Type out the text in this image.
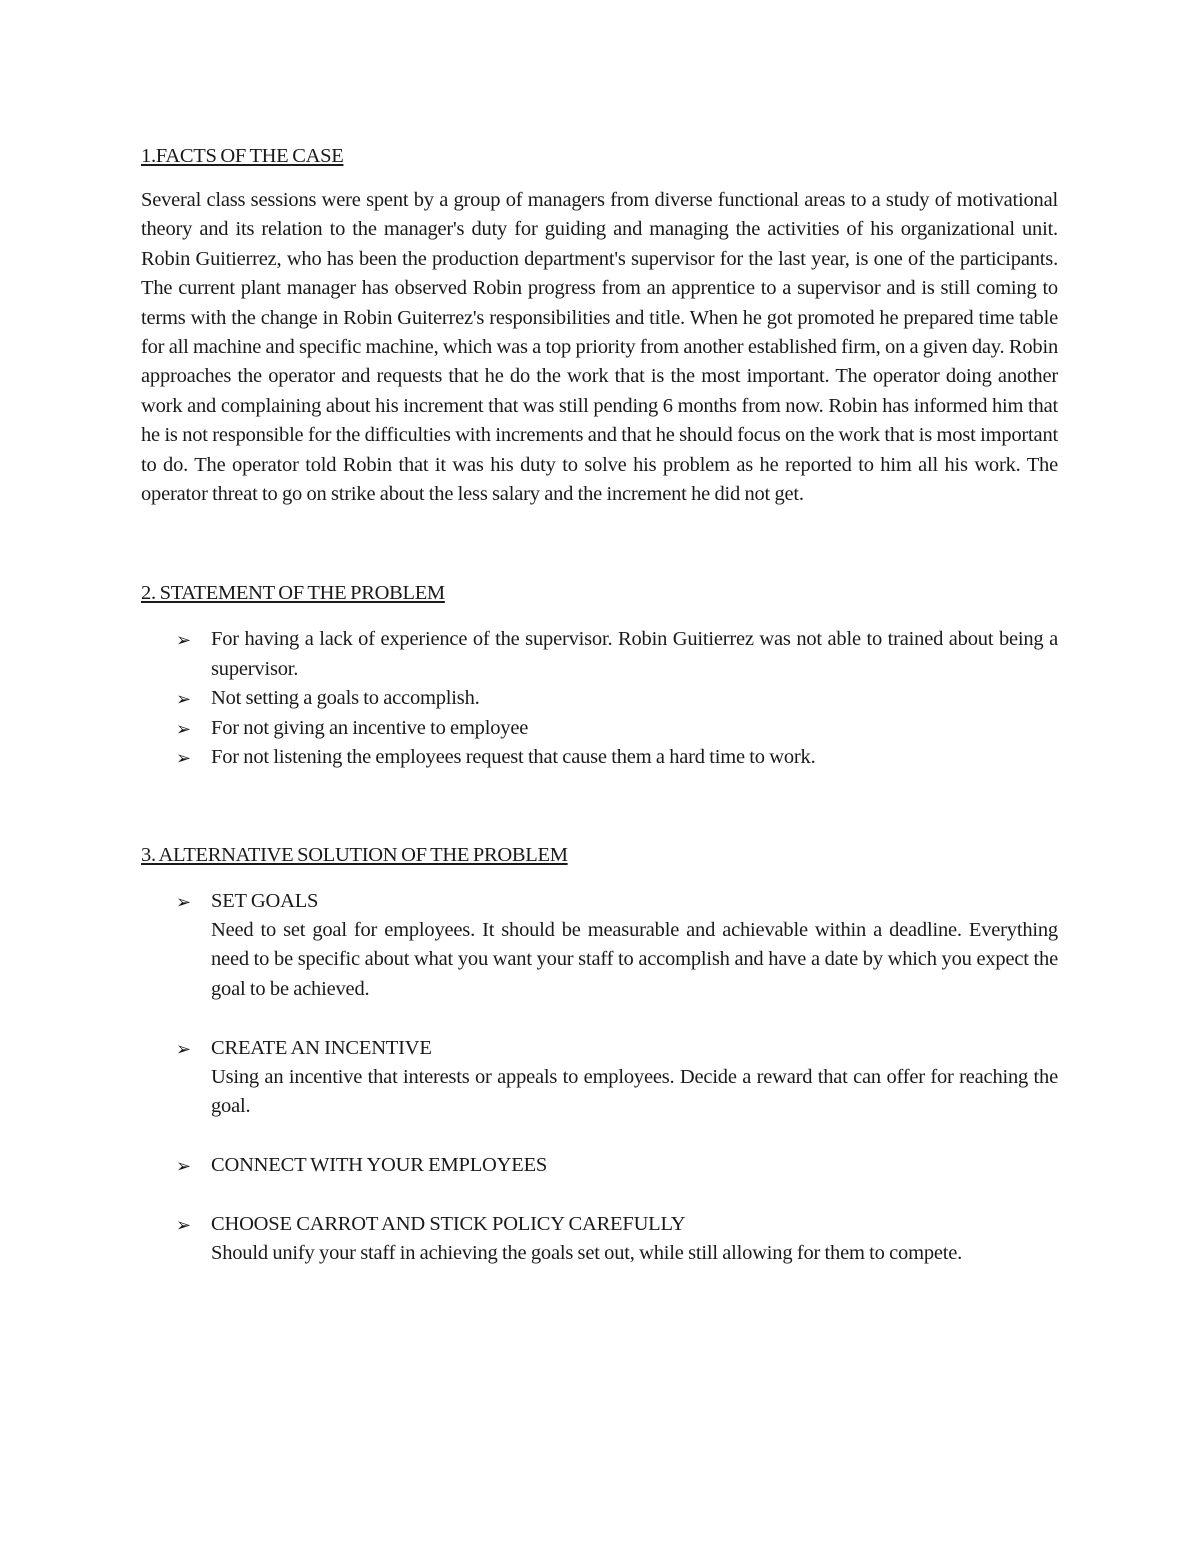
1.FACTS OF THE CASE

Several class sessions were spent by a group of managers from diverse functional areas to a study of motivational theory and its relation to the manager's duty for guiding and managing the activities of his organizational unit. Robin Guitierrez, who has been the production department's supervisor for the last year, is one of the participants. The current plant manager has observed Robin progress from an apprentice to a supervisor and is still coming to terms with the change in Robin Guiterrez's responsibilities and title. When he got promoted he prepared time table for all machine and specific machine, which was a top priority from another established firm, on a given day. Robin approaches the operator and requests that he do the work that is the most important. The operator doing another work and complaining about his increment that was still pending 6 months from now. Robin has informed him that he is not responsible for the difficulties with increments and that he should focus on the work that is most important to do. The operator told Robin that it was his duty to solve his problem as he reported to him all his work. The operator threat to go on strike about the less salary and the increment he did not get.

2. STATEMENT OF THE PROBLEM
➢ For having a lack of experience of the supervisor. Robin Guitierrez was not able to trained about being a supervisor.
➢ Not setting a goals to accomplish.
➢ For not giving an incentive to employee
➢ For not listening the employees request that cause them a hard time to work.
3. ALTERNATIVE SOLUTION OF THE PROBLEM
➢ SET GOALS
Need to set goal for employees. It should be measurable and achievable within a deadline. Everything need to be specific about what you want your staff to accomplish and have a date by which you expect the goal to be achieved.
➢ CREATE AN INCENTIVE
Using an incentive that interests or appeals to employees. Decide a reward that can offer for reaching the goal.
➢ CONNECT WITH YOUR EMPLOYEES
➢ CHOOSE CARROT AND STICK POLICY CAREFULLY
Should unify your staff in achieving the goals set out, while still allowing for them to compete.
